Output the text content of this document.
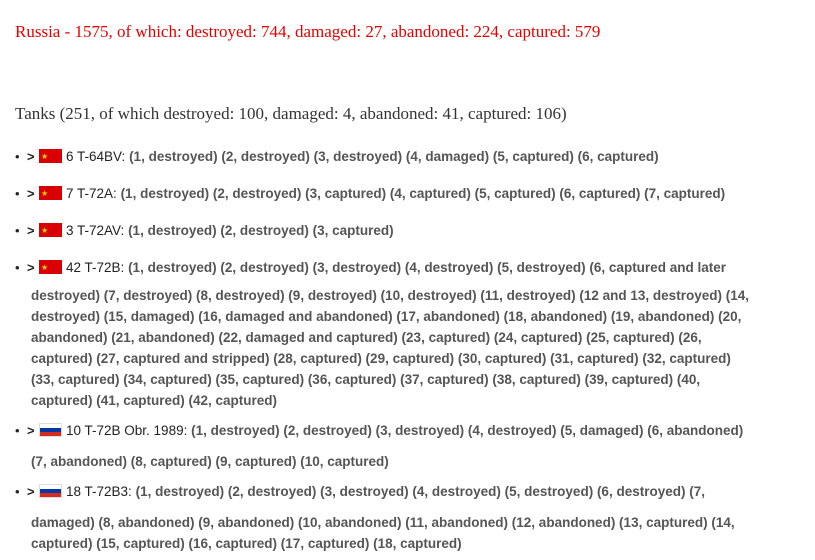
Russia - 1575, of which: destroyed: 744, damaged: 27, abandoned: 224, captured: 579
Tanks (251, of which destroyed: 100, damaged: 4, abandoned: 41, captured: 106)
• > ★ 6 T-64BV: (1, destroyed) (2, destroyed) (3, destroyed) (4, damaged) (5, captured) (6, captured)
• > ★ 7 T-72A: (1, destroyed) (2, destroyed) (3, captured) (4, captured) (5, captured) (6, captured) (7, captured)
• > ★ 3 T-72AV: (1, destroyed) (2, destroyed) (3, captured)
• > ★ 42 T-72B: (1, destroyed) (2, destroyed) (3, destroyed) (4, destroyed) (5, destroyed) (6, captured and later
destroyed) (7, destroyed) (8, destroyed) (9, destroyed) (10, destroyed) (11, destroyed) (12 and 13, destroyed) (14,
destroyed) (15, damaged) (16, damaged and abandoned) (17, abandoned) (18, abandoned) (19, abandoned) (20,
abandoned) (21, abandoned) (22, damaged and captured) (23, captured) (24, captured) (25, captured) (26,
captured) (27, captured and stripped) (28, captured) (29, captured) (30, captured) (31, captured) (32, captured)
(33, captured) (34, captured) (35, captured) (36, captured) (37, captured) (38, captured) (39, captured) (40,
captured) (41, captured) (42, captured)
• > 10 T-72B Obr. 1989: (1, destroyed) (2, destroyed) (3, destroyed) (4, destroyed) (5, damaged) (6, abandoned)
(7, abandoned) (8, captured) (9, captured) (10, captured)
• > 18 T-72B3: (1, destroyed) (2, destroyed) (3, destroyed) (4, destroyed) (5, destroyed) (6, destroyed) (7,
damaged) (8, abandoned) (9, abandoned) (10, abandoned) (11, abandoned) (12, abandoned) (13, captured) (14,
captured) (15, captured) (16, captured) (17, captured) (18, captured)
